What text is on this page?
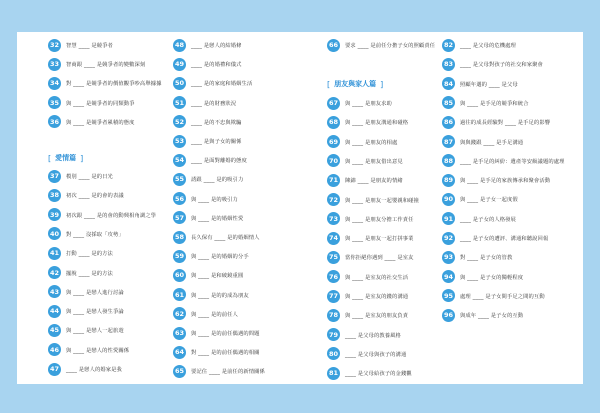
32	智慧 ____ 是競爭者
33	智商跟 ____ 是競爭者的變數深刻
34	對 ____ 是競爭者的價值觀爭吵高舉據據
35	與 ____ 是競爭者的同類動爭
36	與 ____ 是競爭者累積的態度
[ 愛情篇 ]
37	模別 ____ 是的日光
38	初次 ____ 是的會的表議
39	初次跟 ____ 是的會的動興相角調之學
40	對 ____ 沒採取「攻勢」
41	打動 ____ 是的方法
42	擺脫 ____ 是的方法
43	與 ____ 是戀人進行討論
44	與 ____ 是戀人發生爭論
45	與 ____ 是戀人一起旅遊
46	與 ____ 是戀人的性愛關係
47	____ 是戀人的婚家是我
48	____ 是戀人的結婚條
49	____ 是的婚禮和儀式
50	____ 是的家庭和婚姻生活
51	____ 是的財務狀況
52	____ 是的不忠與欺騙
53	____ 是與子女的關係
54	____ 是面對離婚的態度
55	誘跟 ____ 是的吸引力
56	與 ____ 是的吸引力
57	與 ____ 是的婚姻性愛
58	長久保有 ____ 是的婚姻情人
59	與 ____ 是的婚姻的分手
60	與 ____ 是和破鏡重圓
61	與 ____ 是的的成為朋友
62	與 ____ 是的前任人
63	與 ____ 是的前任偶遇的問題
64	對 ____ 是的前任偶遇的相關
65	要記住 ____ 是前任的新情關係
66	要求 ____ 是前任分擔子女的照顧責任
[ 朋友與家人篇 ]
67	與 ____ 是朋友求助
68	與 ____ 是朋友溝通和碰格
69	與 ____ 是朋友的相處
70	與 ____ 是朋友借出意見
71	陳錦 ____ 是朋友的情緒
72	與 ____ 是朋友一起嬰親和碰撞
73	與 ____ 是朋友分擔工作責任
74	與 ____ 是朋友一起打拼事業
75	當你拒絕你遇到 ____ 是室友
76	與 ____ 是室友的社交生活
77	與 ____ 是室友的錢的溝通
78	與 ____ 是室友的朋友負責
79	____ 是父母的教養風格
80	____ 是父母與孩子的溝通
81	____ 是父母給孩子的金錢觀
82	____ 是父母的危機處理
83	____ 是父母對孩子的社交和家聚會
84	照顧年邁的 ____ 是父母
85	與 ____ 是手足的競爭和統合
86	過往的成長經驗對 ____ 是手足的影響
87	與與錢跟 ____ 是手足溝通
88	____ 是手足的糾紛：遺產等安級議題的處理
89	與 ____ 是手足的家族傳承和聚會活動
90	與 ____ 是子女一起度假
91	____ 是子女的人格發展
92	____ 是子女的遭評、溝通和聽說回報
93	對 ____ 是子女的管教
94	與 ____ 是子女的獨輕程度
95	處理 ____ 是子女間手足之間的互動
96	與成年 ____ 是子女的互動
